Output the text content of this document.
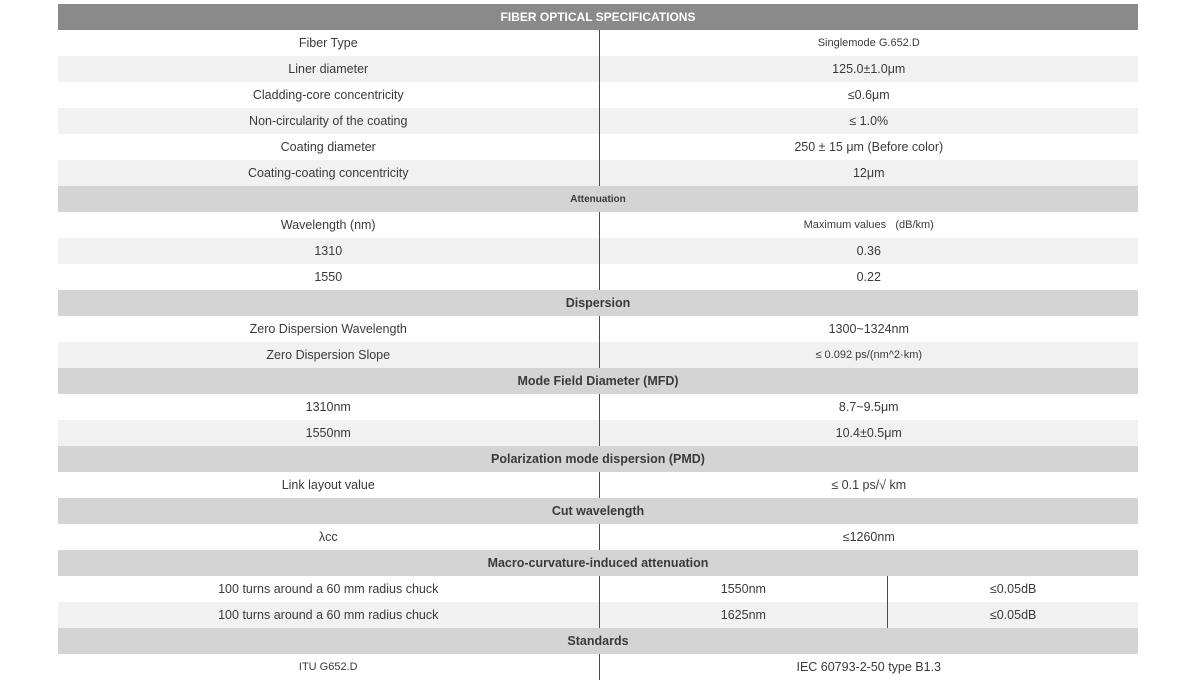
FIBER OPTICAL SPECIFICATIONS
Fiber Type	Singlemode G.652.D
Liner diameter	125.0±1.0μm
Cladding-core concentricity	≤0.6μm
Non-circularity of the coating	≤ 1.0%
Coating diameter	250 ± 15 μm (Before color)
Coating-coating concentricity	12μm
Attenuation
Wavelength (nm)	Maximum values   (dB/km)
1310	0.36
1550	0.22
Dispersion
Zero Dispersion Wavelength	1300~1324nm
Zero Dispersion Slope	≤ 0.092 ps/(nm^2·km)
Mode Field Diameter (MFD)
1310nm	8.7~9.5μm
1550nm	10.4±0.5μm
Polarization mode dispersion (PMD)
Link layout value	≤ 0.1 ps/√ km
Cut wavelength
λcc	≤1260nm
Macro-curvature-induced attenuation
100 turns around a 60 mm radius chuck	1550nm	≤0.05dB
100 turns around a 60 mm radius chuck	1625nm	≤0.05dB
Standards
ITU G652.D	IEC 60793-2-50 type B1.3
